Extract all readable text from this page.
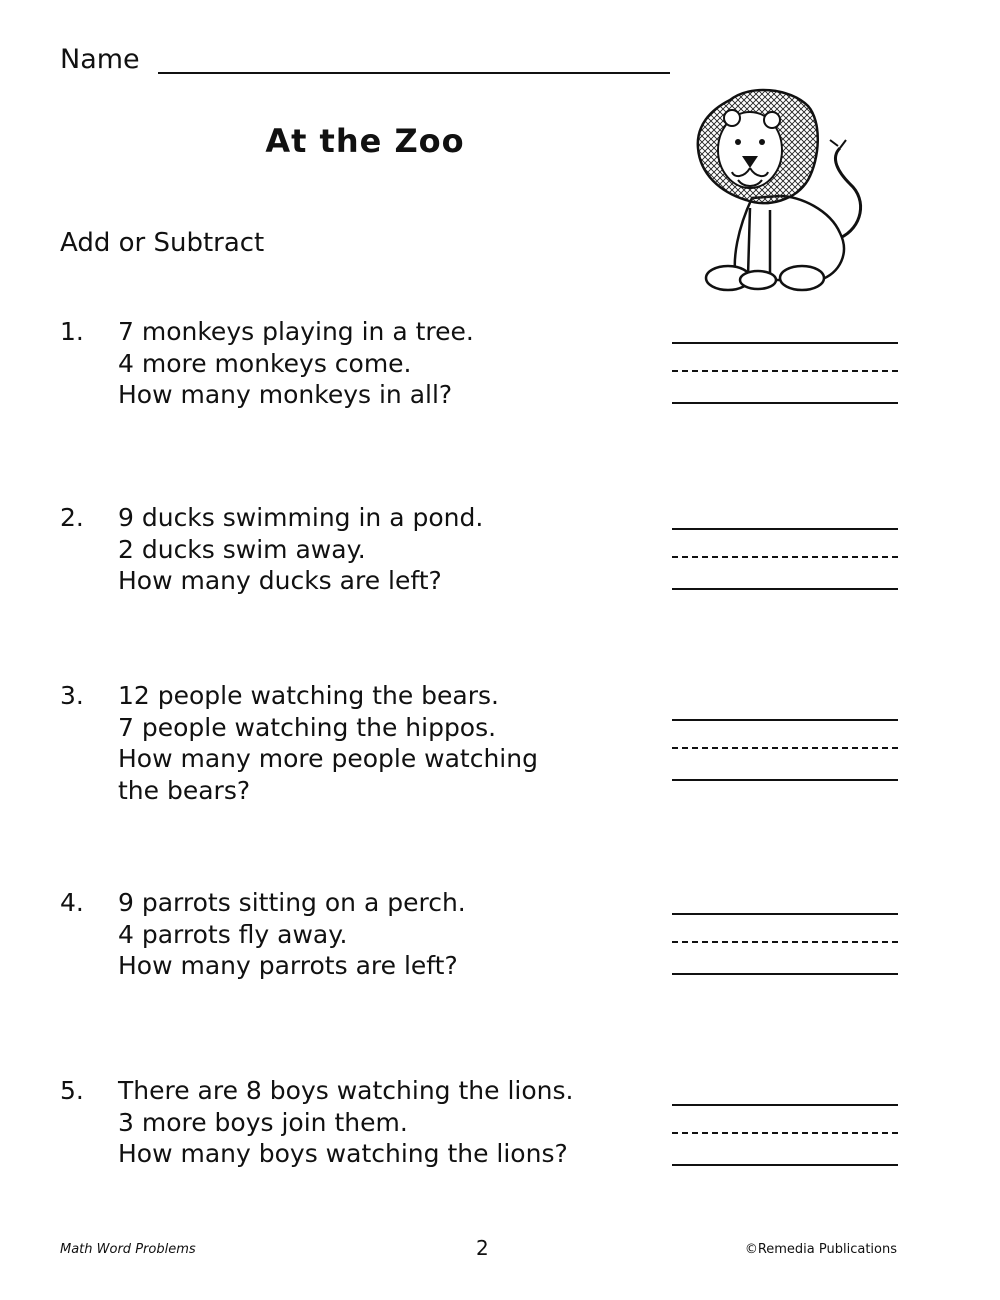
Name
At the Zoo
Add or Subtract
1. 7 monkeys playing in a tree.
4 more monkeys come.
How many monkeys in all?
2. 9 ducks swimming in a pond.
2 ducks swim away.
How many ducks are left?
3. 12 people watching the bears.
7 people watching the hippos.
How many more people watching
the bears?
4. 9 parrots sitting on a perch.
4 parrots fly away.
How many parrots are left?
5. There are 8 boys watching the lions.
3 more boys join them.
How many boys watching the lions?
Math Word Problems	2	©Remedia Publications
